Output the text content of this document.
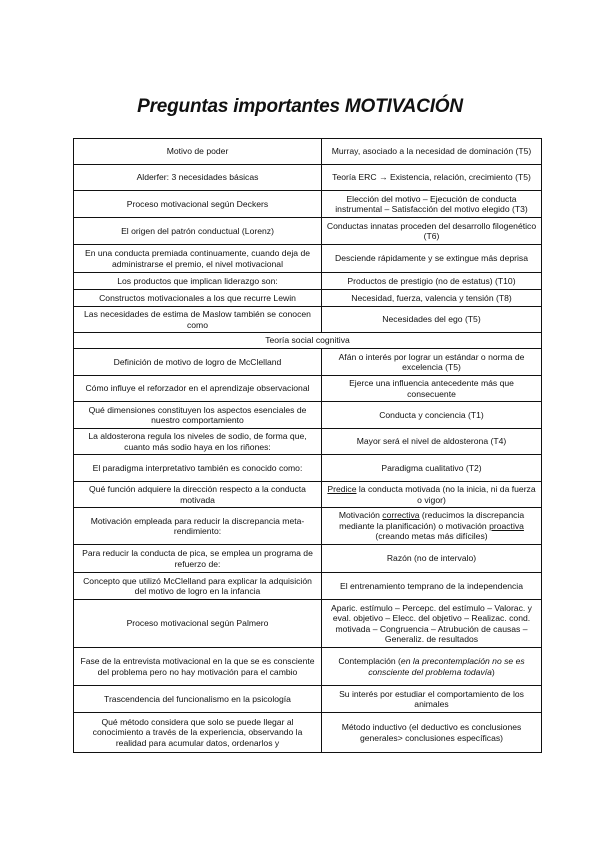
Preguntas importantes MOTIVACIÓN
Motivo de poder	Murray, asociado a la necesidad de dominación (T5)
Alderfer: 3 necesidades básicas	Teoría ERC → Existencia, relación, crecimiento (T5)
Proceso motivacional según Deckers	Elección del motivo – Ejecución de conducta instrumental – Satisfacción del motivo elegido (T3)
El origen del patrón conductual (Lorenz)	Conductas innatas proceden del desarrollo filogenético (T6)
En una conducta premiada continuamente, cuando deja de administrarse el premio, el nivel motivacional	Desciende rápidamente y se extingue más deprisa
Los productos que implican liderazgo son:	Productos de prestigio (no de estatus) (T10)
Constructos motivacionales a los que recurre Lewin	Necesidad, fuerza, valencia y tensión (T8)
Las necesidades de estima de Maslow también se conocen como	Necesidades del ego (T5)
Teoría social cognitiva	
Definición de motivo de logro de McClelland	Afán o interés por lograr un estándar o norma de excelencia (T5)
Cómo influye el reforzador en el aprendizaje observacional	Ejerce una influencia antecedente más que consecuente
Qué dimensiones constituyen los aspectos esenciales de nuestro comportamiento	Conducta y conciencia (T1)
La aldosterona regula los niveles de sodio, de forma que, cuanto más sodio haya en los riñones:	Mayor será el nivel de aldosterona (T4)
El paradigma interpretativo también es conocido como:	Paradigma cualitativo (T2)
Qué función adquiere la dirección respecto a la conducta motivada	Predice la conducta motivada (no la inicia, ni da fuerza o vigor)
Motivación empleada para reducir la discrepancia meta-rendimiento:	Motivación correctiva (reducimos la discrepancia mediante la planificación) o motivación proactiva (creando metas más difíciles)
Para reducir la conducta de pica, se emplea un programa de refuerzo de:	Razón (no de intervalo)
Concepto que utilizó McClelland para explicar la adquisición del motivo de logro en la infancia	El entrenamiento temprano de la independencia
Proceso motivacional según Palmero	Aparic. estímulo – Percepc. del estímulo – Valorac. y eval. objetivo – Elecc. del objetivo – Realizac. cond. motivada – Congruencia – Atrubución de causas – Generaliz. de resultados
Fase de la entrevista motivacional en la que se es consciente del problema pero no hay motivación para el cambio	Contemplación (en la precontemplación no se es consciente del problema todavía)
Trascendencia del funcionalismo en la psicología	Su interés por estudiar el comportamiento de los animales
Qué método considera que solo se puede llegar al conocimiento a través de la experiencia, observando la realidad para acumular datos, ordenarlos y	Método inductivo (el deductivo es conclusiones generales> conclusiones específicas)
